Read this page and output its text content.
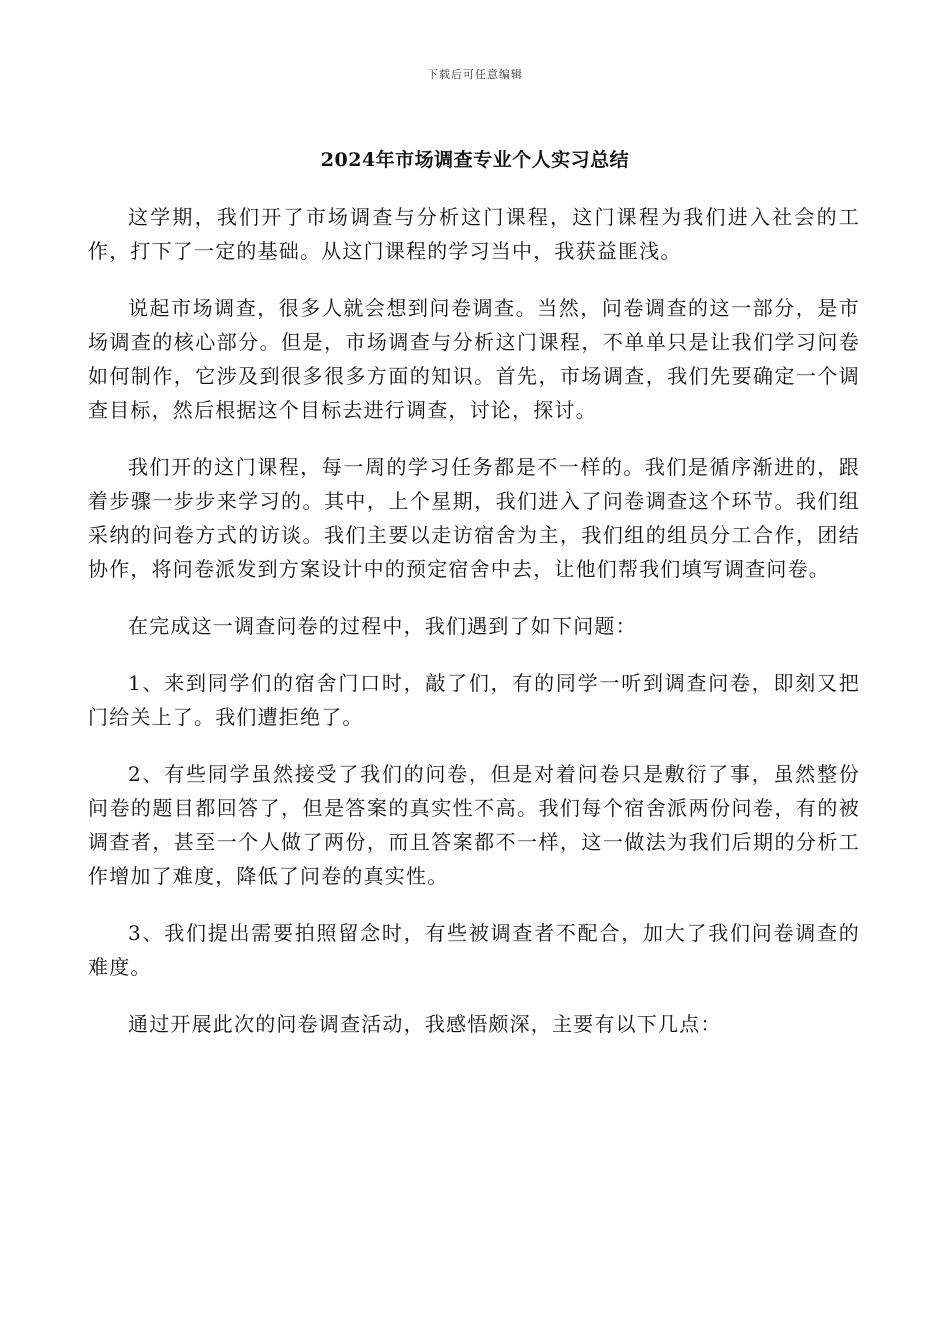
下载后可任意编辑
2024年市场调查专业个人实习总结

这学期，我们开了市场调查与分析这门课程，这门课程为我们进入社会的工作，打下了一定的基础。从这门课程的学习当中，我获益匪浅。

说起市场调查，很多人就会想到问卷调查。当然，问卷调查的这一部分，是市场调查的核心部分。但是，市场调查与分析这门课程，不单单只是让我们学习问卷如何制作，它涉及到很多很多方面的知识。首先，市场调查，我们先要确定一个调查目标，然后根据这个目标去进行调查，讨论，探讨。

我们开的这门课程，每一周的学习任务都是不一样的。我们是循序渐进的，跟着步骤一步步来学习的。其中，上个星期，我们进入了问卷调查这个环节。我们组采纳的问卷方式的访谈。我们主要以走访宿舍为主，我们组的组员分工合作，团结协作，将问卷派发到方案设计中的预定宿舍中去，让他们帮我们填写调查问卷。

在完成这一调查问卷的过程中，我们遇到了如下问题：

1、来到同学们的宿舍门口时，敲了们，有的同学一听到调查问卷，即刻又把门给关上了。我们遭拒绝了。

2、有些同学虽然接受了我们的问卷，但是对着问卷只是敷衍了事，虽然整份问卷的题目都回答了，但是答案的真实性不高。我们每个宿舍派两份问卷，有的被调查者，甚至一个人做了两份，而且答案都不一样，这一做法为我们后期的分析工作增加了难度，降低了问卷的真实性。

3、我们提出需要拍照留念时，有些被调查者不配合，加大了我们问卷调查的难度。

通过开展此次的问卷调查活动，我感悟颇深，主要有以下几点：
